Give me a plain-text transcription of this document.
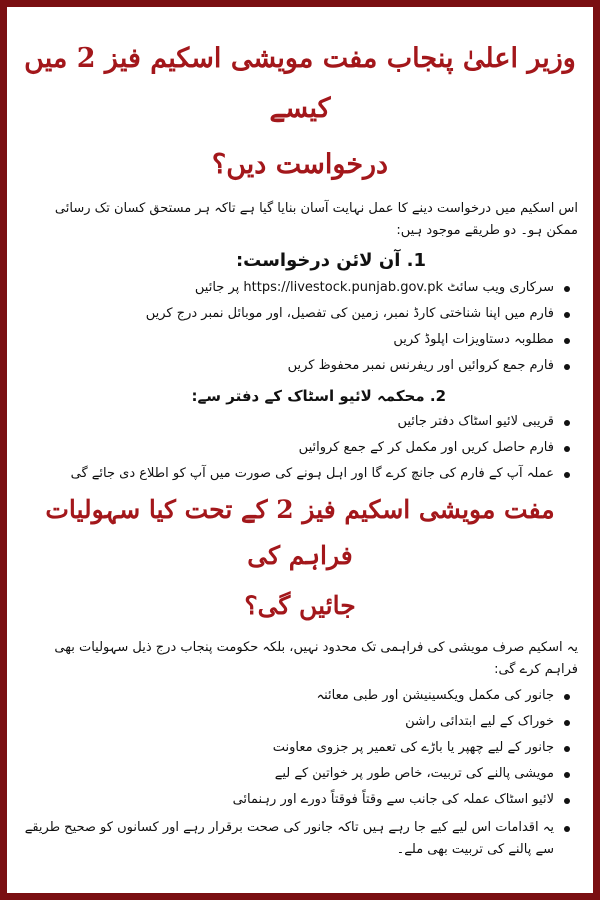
وزیر اعلیٰ پنجاب مفت مویشی اسکیم فیز 2 میں کیسے
درخواست دیں؟

اس اسکیم میں درخواست دینے کا عمل نہایت آسان بنایا گیا ہے تاکہ ہر مستحق کسان تک رسائی ممکن ہو۔ دو طریقے موجود ہیں:

1. آن لائن درخواست:
سرکاری ویب سائٹ https://livestock.punjab.gov.pk پر جائیں
فارم میں اپنا شناختی کارڈ نمبر، زمین کی تفصیل، اور موبائل نمبر درج کریں
مطلوبہ دستاویزات اپلوڈ کریں
فارم جمع کروائیں اور ریفرنس نمبر محفوظ کریں
2. محکمہ لائیو اسٹاک کے دفتر سے:
قریبی لائیو اسٹاک دفتر جائیں
فارم حاصل کریں اور مکمل کر کے جمع کروائیں
عملہ آپ کے فارم کی جانچ کرے گا اور اہل ہونے کی صورت میں آپ کو اطلاع دی جائے گی
مفت مویشی اسکیم فیز 2 کے تحت کیا سہولیات فراہم کی
جائیں گی؟

یہ اسکیم صرف مویشی کی فراہمی تک محدود نہیں، بلکہ حکومت پنجاب درج ذیل سہولیات بھی فراہم کرے گی:

جانور کی مکمل ویکسینیشن اور طبی معائنہ
خوراک کے لیے ابتدائی راشن
جانور کے لیے چھپر یا باڑے کی تعمیر پر جزوی معاونت
مویشی پالنے کی تربیت، خاص طور پر خواتین کے لیے
لائیو اسٹاک عملہ کی جانب سے وقتاً فوقتاً دورے اور رہنمائی
یہ اقدامات اس لیے کیے جا رہے ہیں تاکہ جانور کی صحت برقرار رہے اور کسانوں کو صحیح طریقے سے پالنے کی تربیت بھی ملے۔
